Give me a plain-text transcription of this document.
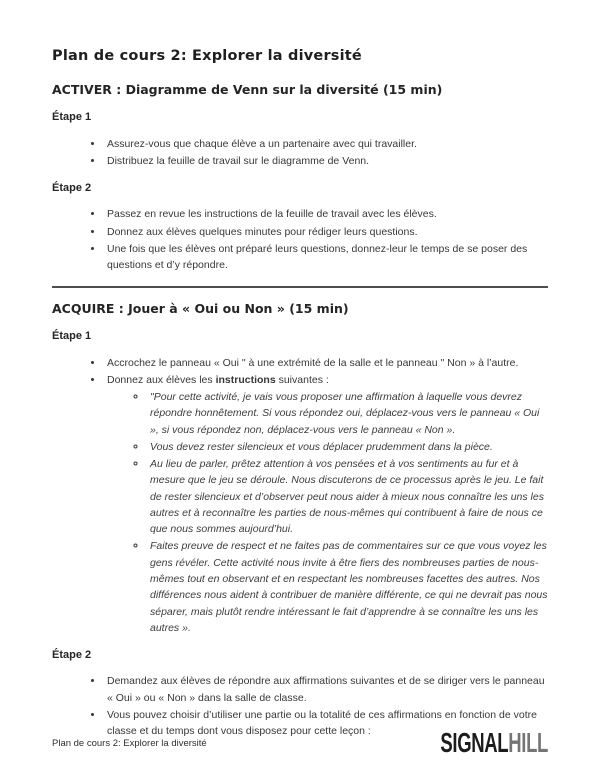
Plan de cours 2: Explorer la diversité
ACTIVER : Diagramme de Venn sur la diversité (15 min)

Étape 1

• Assurez-vous que chaque élève a un partenaire avec qui travailler.
• Distribuez la feuille de travail sur le diagramme de Venn.

Étape 2

• Passez en revue les instructions de la feuille de travail avec les élèves.
• Donnez aux élèves quelques minutes pour rédiger leurs questions.
• Une fois que les élèves ont préparé leurs questions, donnez-leur le temps de se poser des questions et d’y répondre.
ACQUIRE : Jouer à « Oui ou Non » (15 min)

Étape 1

• Accrochez le panneau « Oui " à une extrémité de la salle et le panneau " Non » à l’autre.
• Donnez aux élèves les instructions suivantes :
◦ "Pour cette activité, je vais vous proposer une affirmation à laquelle vous devrez répondre honnêtement. Si vous répondez oui, déplacez-vous vers le panneau « Oui », si vous répondez non, déplacez-vous vers le panneau « Non ».
◦ Vous devez rester silencieux et vous déplacer prudemment dans la pièce.
◦ Au lieu de parler, prêtez attention à vos pensées et à vos sentiments au fur et à mesure que le jeu se déroule. Nous discuterons de ce processus après le jeu. Le fait de rester silencieux et d’observer peut nous aider à mieux nous connaître les uns les autres et à reconnaître les parties de nous-mêmes qui contribuent à faire de nous ce que nous sommes aujourd’hui.
◦ Faites preuve de respect et ne faites pas de commentaires sur ce que vous voyez les gens révéler. Cette activité nous invite à être fiers des nombreuses parties de nous-mêmes tout en observant et en respectant les nombreuses facettes des autres. Nos différences nous aident à contribuer de manière différente, ce qui ne devrait pas nous séparer, mais plutôt rendre intéressant le fait d’apprendre à se connaître les uns les autres ».

Étape 2

• Demandez aux élèves de répondre aux affirmations suivantes et de se diriger vers le panneau « Oui » ou « Non » dans la salle de classe.
• Vous pouvez choisir d’utiliser une partie ou la totalité de ces affirmations en fonction de votre classe et du temps dont vous disposez pour cette leçon :
Plan de cours 2: Explorer la diversité	SIGNALHILL
